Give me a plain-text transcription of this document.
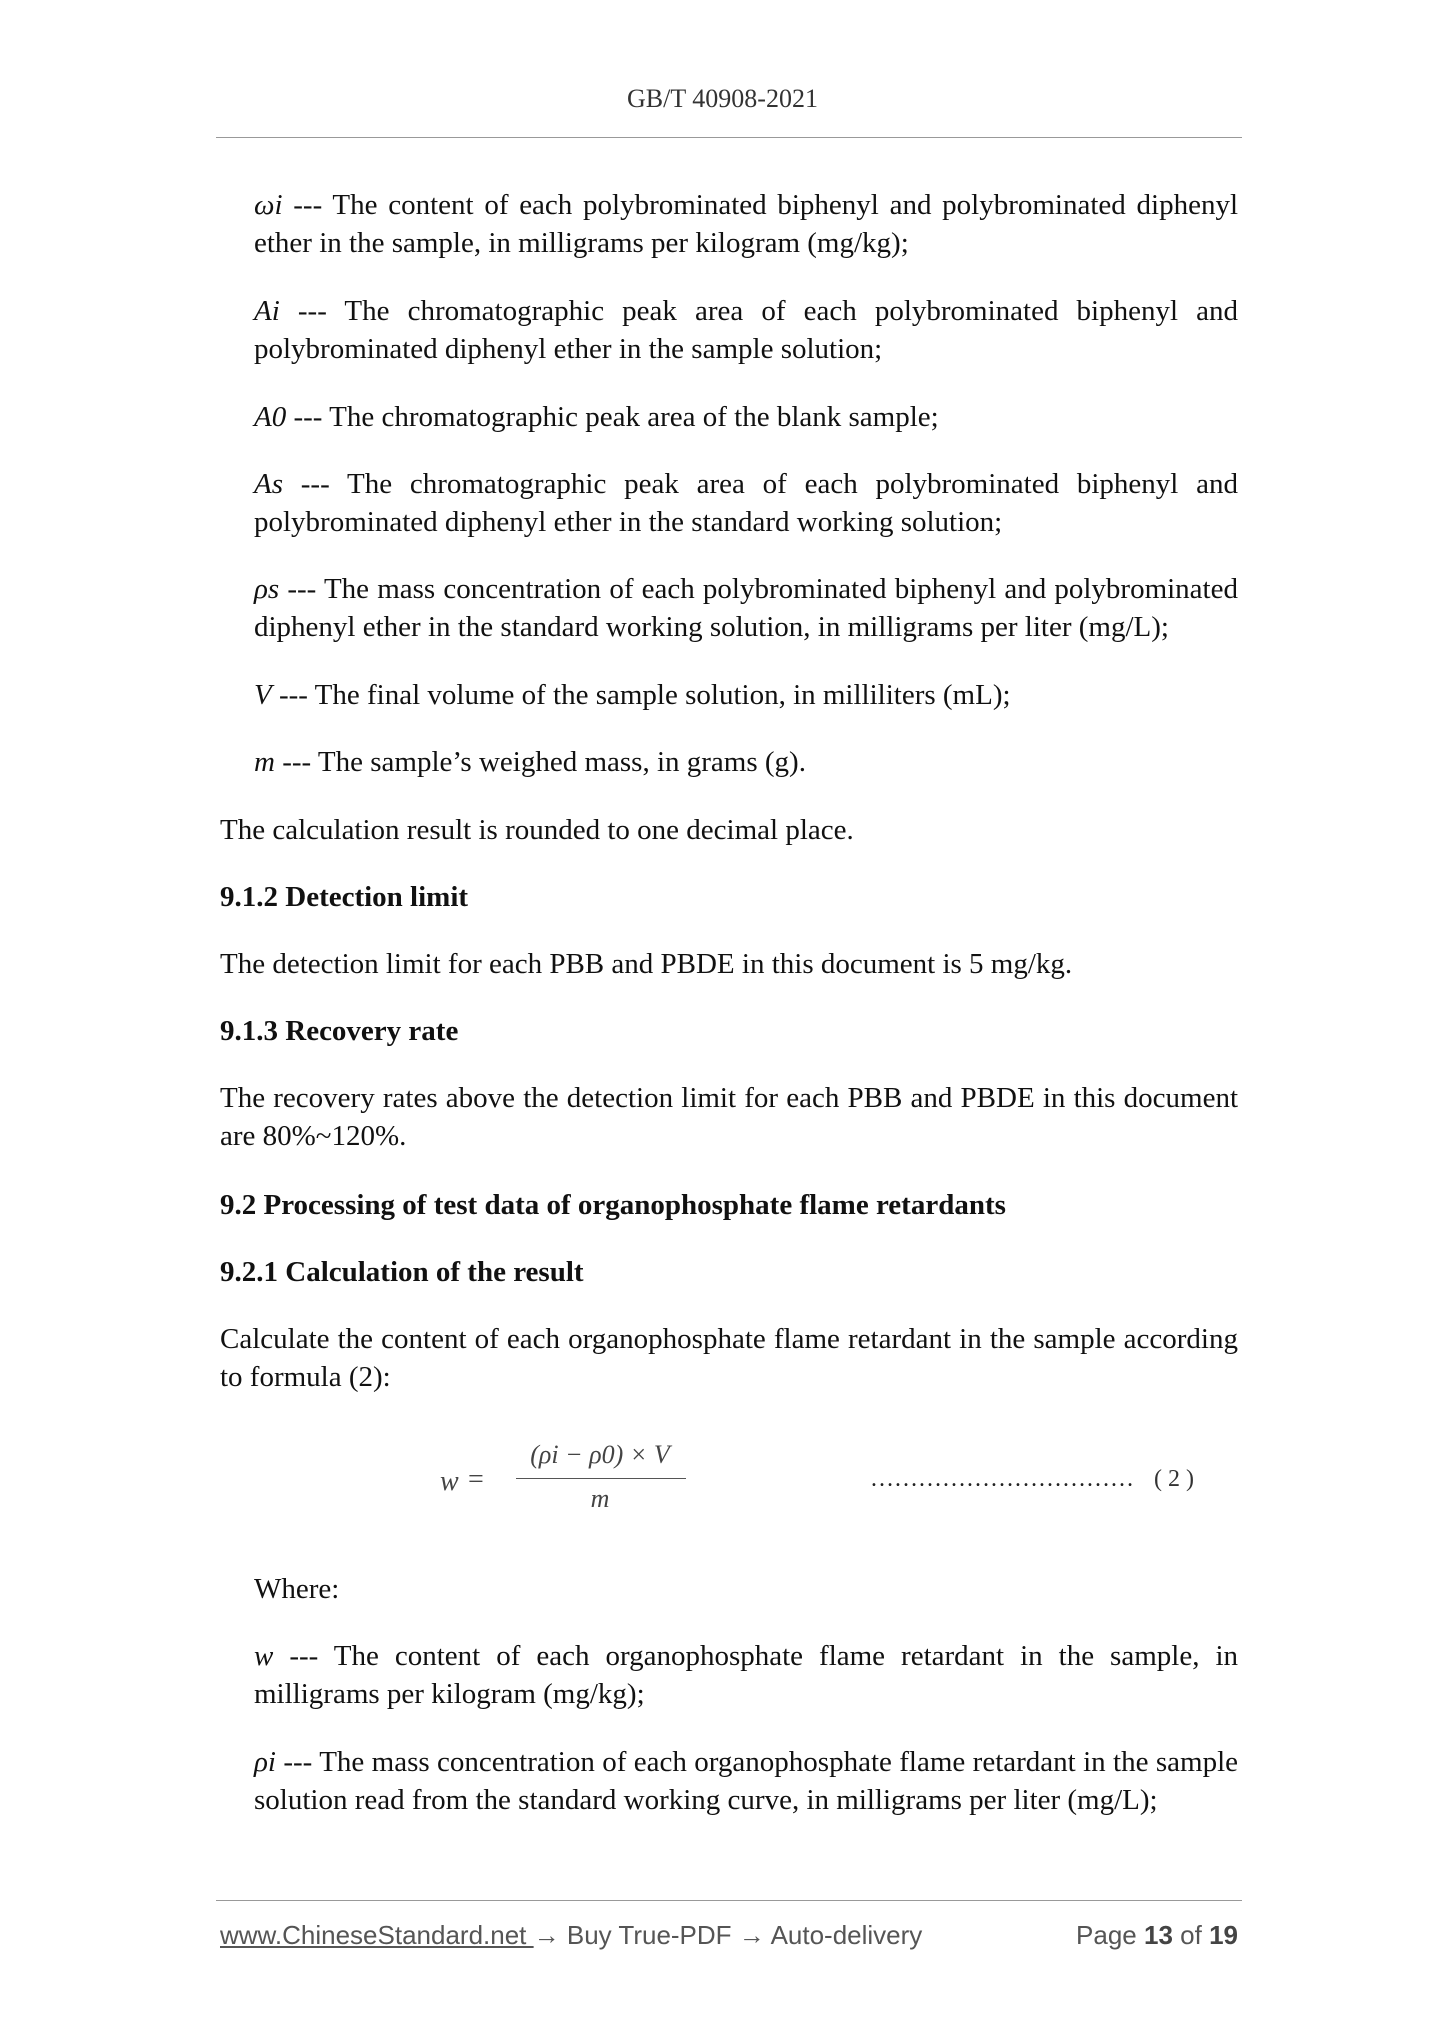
GB/T 40908-2021
ωi --- The content of each polybrominated biphenyl and polybrominated diphenyl ether in the sample, in milligrams per kilogram (mg/kg);
Ai --- The chromatographic peak area of each polybrominated biphenyl and polybrominated diphenyl ether in the sample solution;
A0 --- The chromatographic peak area of the blank sample;
As --- The chromatographic peak area of each polybrominated biphenyl and polybrominated diphenyl ether in the standard working solution;
ρs --- The mass concentration of each polybrominated biphenyl and polybrominated diphenyl ether in the standard working solution, in milligrams per liter (mg/L);
V --- The final volume of the sample solution, in milliliters (mL);
m --- The sample’s weighed mass, in grams (g).
The calculation result is rounded to one decimal place.
9.1.2 Detection limit
The detection limit for each PBB and PBDE in this document is 5 mg/kg.
9.1.3 Recovery rate
The recovery rates above the detection limit for each PBB and PBDE in this document are 80%~120%.
9.2 Processing of test data of organophosphate flame retardants
9.2.1 Calculation of the result
Calculate the content of each organophosphate flame retardant in the sample according to formula (2):
w =
(ρi − ρ0) × V
m
…………………………… ( 2 )
Where:
w --- The content of each organophosphate flame retardant in the sample, in milligrams per kilogram (mg/kg);
ρi --- The mass concentration of each organophosphate flame retardant in the sample solution read from the standard working curve, in milligrams per liter (mg/L);
www.ChineseStandard.net → Buy True-PDF → Auto-delivery	Page 13 of 19
